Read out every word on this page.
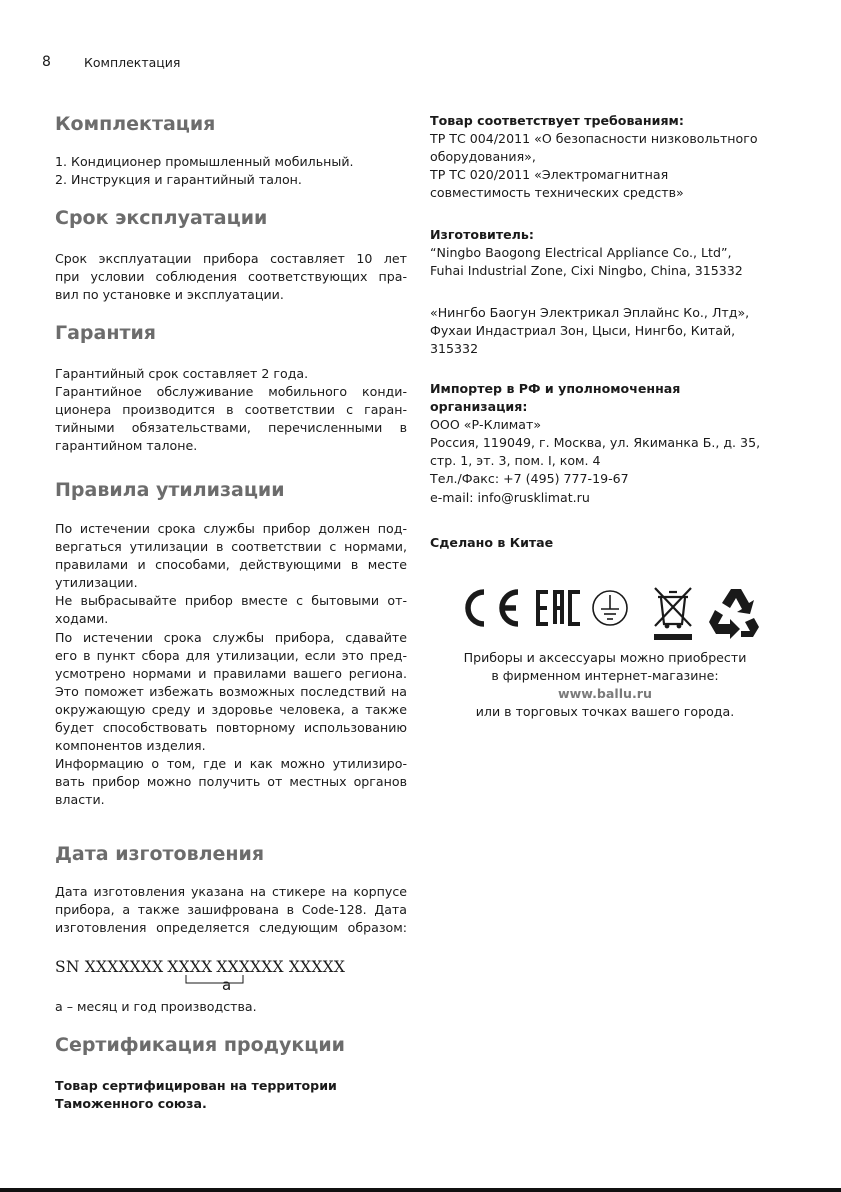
8	Комплектация
Комплектация

1. Кондиционер промышленный мобильный.

2. Инструкция и гарантийный талон.

Срок эксплуатации

Срок эксплуатации прибора составляет 10 лет

при условии соблюдения соответствующих пра-

вил по установке и эксплуатации.

Гарантия

Гарантийный срок составляет 2 года.

Гарантийное обслуживание мобильного конди-

ционера производится в соответствии с гаран-

тийными обязательствами, перечисленными в

гарантийном талоне.

Правила утилизации

По истечении срока службы прибор должен под-

вергаться утилизации в соответствии с нормами,

правилами и способами, действующими в месте

утилизации.

Не выбрасывайте прибор вместе с бытовыми от-

ходами.

По истечении срока службы прибора, сдавайте

его в пункт сбора для утилизации, если это пред-

усмотрено нормами и правилами вашего региона.

Это поможет избежать возможных последствий на

окружающую среду и здоровье человека, а также

будет способствовать повторному использованию

компонентов изделия.

Информацию о том, где и как можно утилизиро-

вать прибор можно получить от местных органов

власти.

Дата изготовления

Дата изготовления указана на стикере на корпусе

прибора, а также зашифрована в Code-128. Дата

изготовления определяется следующим образом:

SN XXXXXXX XXXX XXXXXX XXXXX
a

a – месяц и год производства.

Сертификация продукции

Товар сертифицирован на территории

Таможенного союза.

Товар соответствует требованиям:

ТР ТС 004/2011 «О безопасности низковольтного

оборудования»,

ТР ТС 020/2011 «Электромагнитная

совместимость технических средств»

Изготовитель:

“Ningbo Baogong Electrical Appliance Co., Ltd”,

Fuhai Industrial Zone, Cixi Ningbo, China, 315332

«Нингбо Баогун Электрикал Эплайнс Ко., Лтд»,

Фухаи Индастриал Зон, Цыси, Нингбо, Китай,

315332

Импортер в РФ и уполномоченная

организация:

ООО «Р-Климат»

Россия, 119049, г. Москва, ул. Якиманка Б., д. 35,

стр. 1, эт. 3, пом. I, ком. 4

Тел./Факс: +7 (495) 777-19-67

e-mail: info@rusklimat.ru

Сделано в Китае

Приборы и аксессуары можно приобрести

в фирменном интернет-магазине:

www.ballu.ru

или в торговых точках вашего города.
